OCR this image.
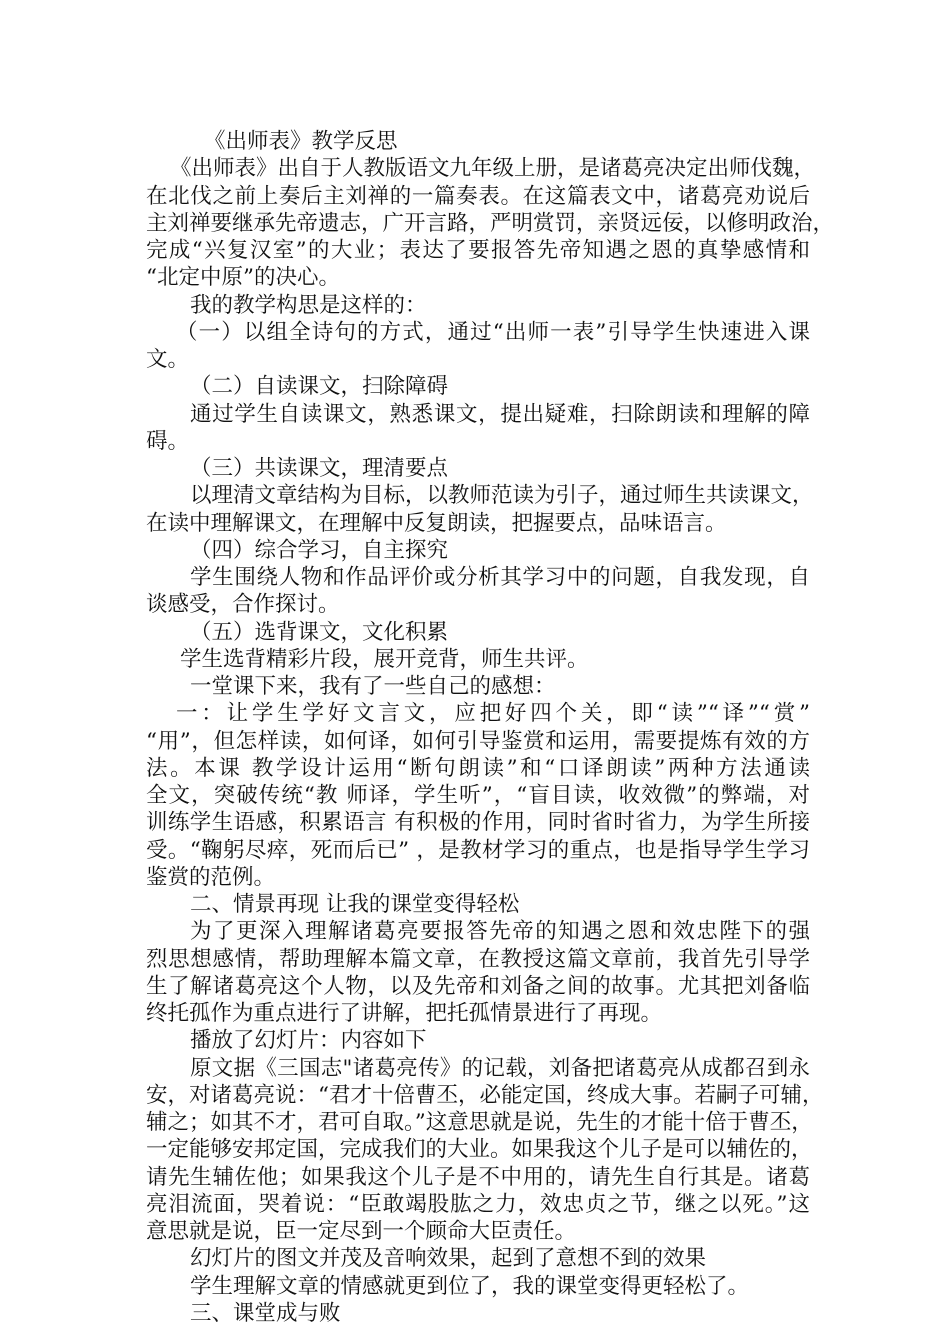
《出师表》教学反思
《出师表》出自于人教版语文九年级上册，是诸葛亮决定出师伐魏，
在北伐之前上奏后主刘禅的一篇奏表。在这篇表文中，诸葛亮劝说后
主刘禅要继承先帝遗志，广开言路，严明赏罚，亲贤远佞，以修明政治，
完成“兴复汉室”的大业；表达了要报答先帝知遇之恩的真挚感情和
“北定中原”的决心。
我的教学构思是这样的：
（一）以组全诗句的方式，通过“出师一表”引导学生快速进入课
文。
（二）自读课文，扫除障碍
通过学生自读课文，熟悉课文，提出疑难，扫除朗读和理解的障
碍。
（三）共读课文，理清要点
以理清文章结构为目标，以教师范读为引子，通过师生共读课文，
在读中理解课文，在理解中反复朗读，把握要点，品味语言。
（四）综合学习，自主探究
学生围绕人物和作品评价或分析其学习中的问题，自我发现，自
谈感受，合作探讨。
（五）选背课文，文化积累
学生选背精彩片段，展开竞背，师生共评。
一堂课下来，我有了一些自己的感想：
一：让学生学好文言文，应把好四个关，即“读”“译”“赏”
“用”，但怎样读，如何译，如何引导鉴赏和运用，需要提炼有效的方
法。本课 教学设计运用“断句朗读”和“口译朗读”两种方法通读
全文，突破传统“教 师译，学生听”，“盲目读，收效微”的弊端，对
训练学生语感，积累语言 有积极的作用，同时省时省力，为学生所接
受。“鞠躬尽瘁，死而后已” ，是教材学习的重点，也是指导学生学习
鉴赏的范例。
二、情景再现 让我的课堂变得轻松
为了更深入理解诸葛亮要报答先帝的知遇之恩和效忠陛下的强
烈思想感情，帮助理解本篇文章，在教授这篇文章前，我首先引导学
生了解诸葛亮这个人物，以及先帝和刘备之间的故事。尤其把刘备临
终托孤作为重点进行了讲解，把托孤情景进行了再现。
播放了幻灯片：内容如下
原文据《三国志"诸葛亮传》的记载，刘备把诸葛亮从成都召到永
安，对诸葛亮说：“君才十倍曹丕，必能定国，终成大事。若嗣子可辅，
辅之；如其不才，君可自取。”这意思就是说，先生的才能十倍于曹丕，
一定能够安邦定国，完成我们的大业。如果我这个儿子是可以辅佐的，
请先生辅佐他；如果我这个儿子是不中用的，请先生自行其是。诸葛
亮泪流面，哭着说：“臣敢竭股肱之力，效忠贞之节，继之以死。”这
意思就是说，臣一定尽到一个顾命大臣责任。
幻灯片的图文并茂及音响效果，起到了意想不到的效果
学生理解文章的情感就更到位了，我的课堂变得更轻松了。
三、课堂成与败
